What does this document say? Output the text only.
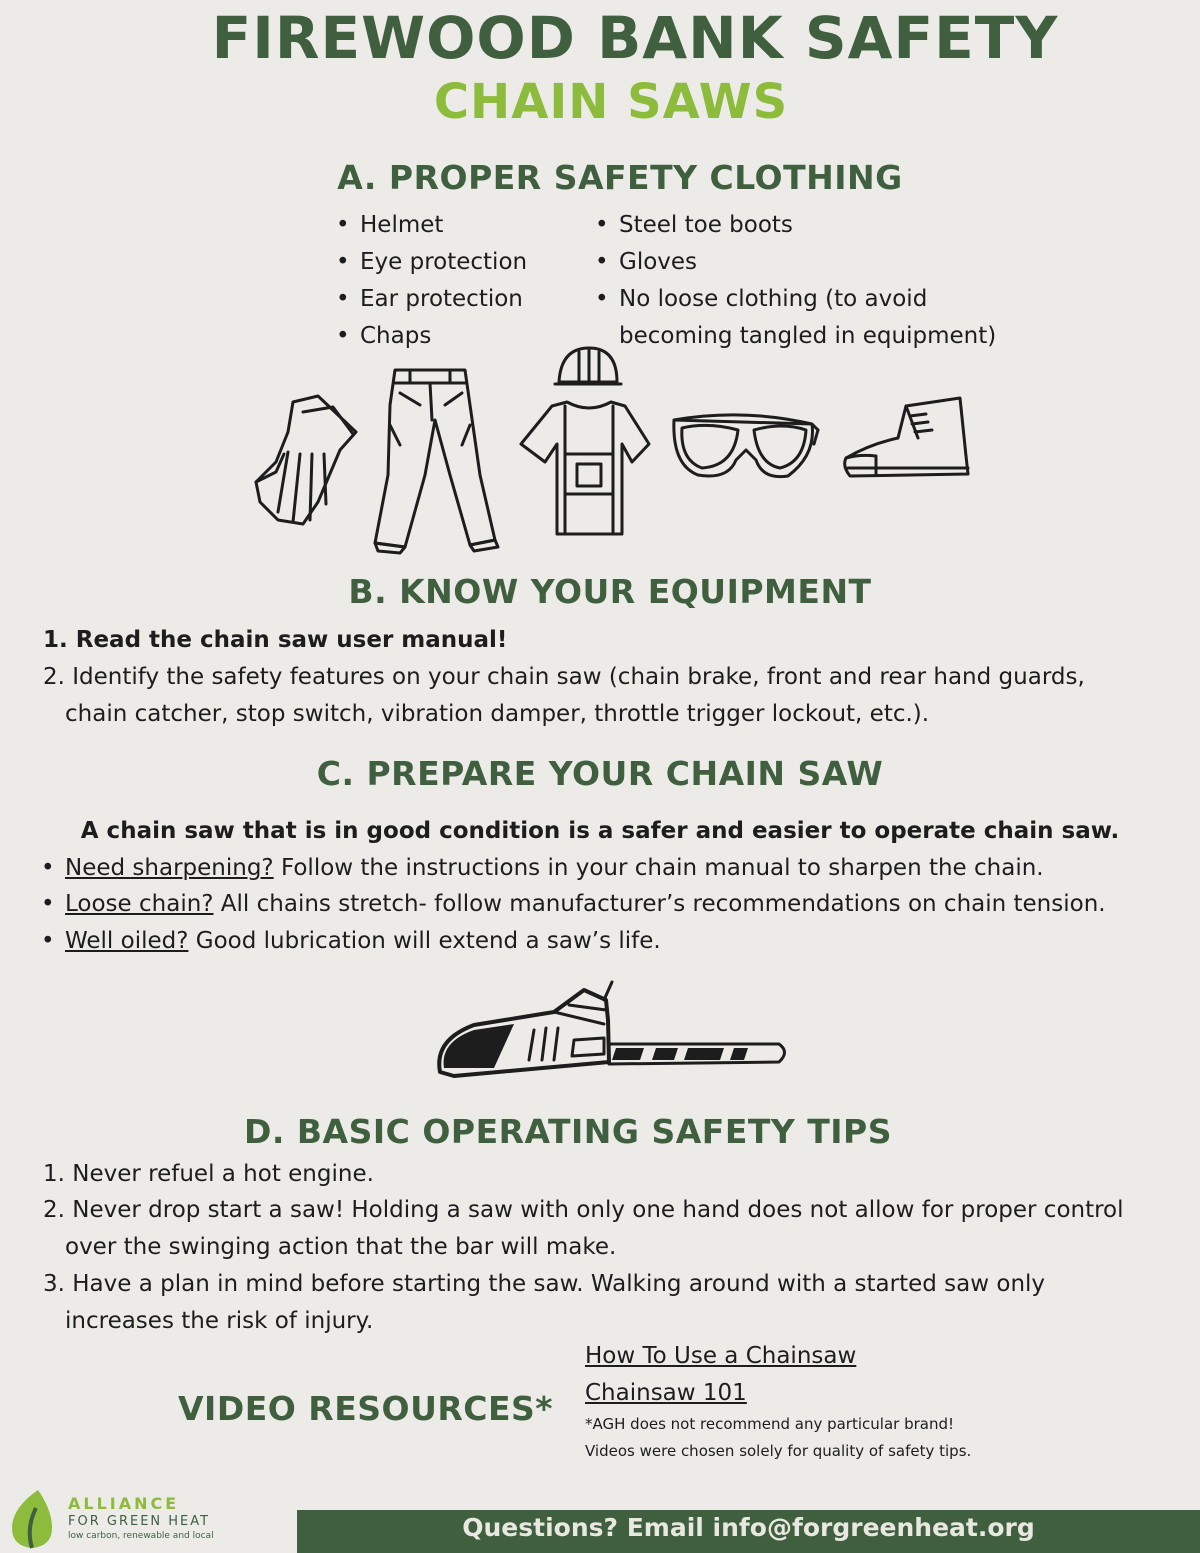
FIREWOOD BANK SAFETY
CHAIN SAWS
A. PROPER SAFETY CLOTHING
• Helmet
• Eye protection
• Ear protection
• Chaps
• Steel toe boots
• Gloves
• No loose clothing (to avoid
becoming tangled in equipment)
B. KNOW YOUR EQUIPMENT
1. Read the chain saw user manual!
2. Identify the safety features on your chain saw (chain brake, front and rear hand guards,
chain catcher, stop switch, vibration damper, throttle trigger lockout, etc.).
C. PREPARE YOUR CHAIN SAW
A chain saw that is in good condition is a safer and easier to operate chain saw.
• Need sharpening? Follow the instructions in your chain manual to sharpen the chain.
• Loose chain? All chains stretch- follow manufacturer’s recommendations on chain tension.
• Well oiled? Good lubrication will extend a saw’s life.
D. BASIC OPERATING SAFETY TIPS
1. Never refuel a hot engine.
2. Never drop start a saw! Holding a saw with only one hand does not allow for proper control
over the swinging action that the bar will make.
3. Have a plan in mind before starting the saw. Walking around with a started saw only
increases the risk of injury.
VIDEO RESOURCES*
How To Use a Chainsaw
Chainsaw 101
*AGH does not recommend any particular brand!
Videos were chosen solely for quality of safety tips.
ALLIANCE
FOR GREEN HEAT
low carbon, renewable and local	Questions? Email info@forgreenheat.org
